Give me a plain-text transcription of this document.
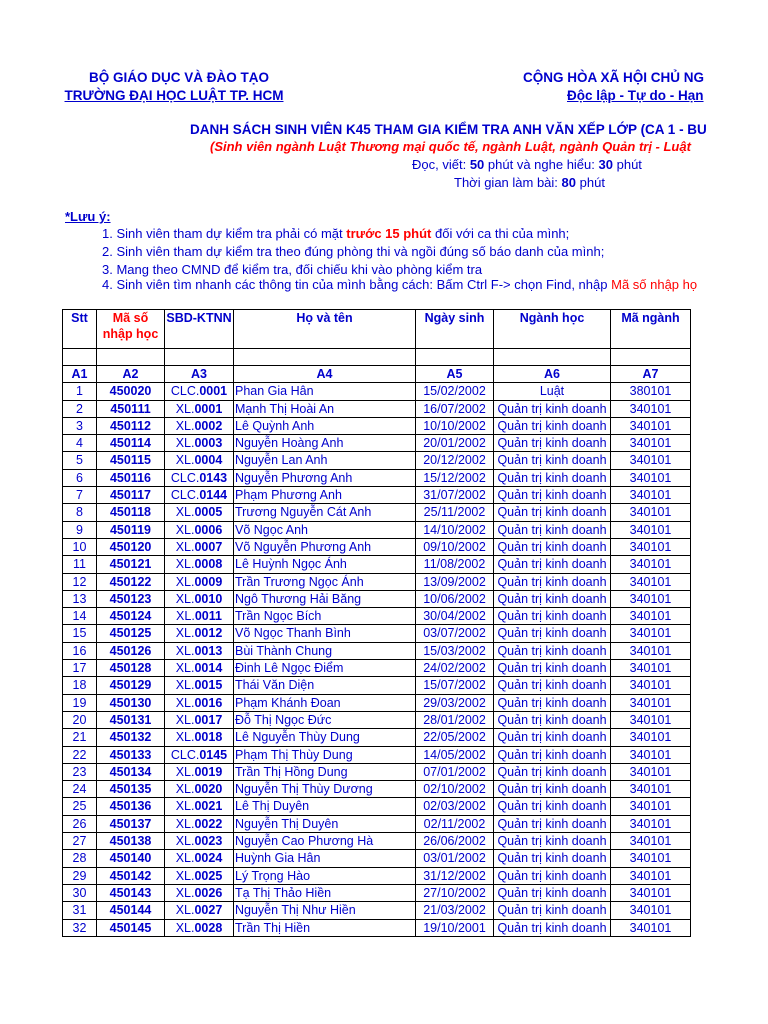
BỘ GIÁO DỤC VÀ ĐÀO TẠO
TRƯỜNG ĐẠI HỌC LUẬT TP. HCM
CỘNG HÒA XÃ HỘI CHỦ NG
Độc lập - Tự do - Hạn
DANH SÁCH SINH VIÊN K45 THAM GIA KIỂM TRA ANH VĂN XẾP LỚP (CA 1 - BU
(Sinh viên ngành Luật Thương mại quốc tế, ngành Luật, ngành Quản trị - Luật
Đọc, viết: 50 phút và nghe hiểu: 30 phút
Thời gian làm bài: 80 phút
*Lưu ý:
1. Sinh viên tham dự kiểm tra phải có mặt trước 15 phút đối với ca thi của mình;
2. Sinh viên tham dự kiểm tra theo đúng phòng thi và ngồi đúng số báo danh của mình;
3. Mang theo CMND để kiểm tra, đối chiếu khi vào phòng kiểm tra
4. Sinh viên tìm nhanh các thông tin của mình bằng cách: Bấm Ctrl F-> chọn Find, nhập Mã số nhập họ
Stt	Mã số nhập học	SBD-KTNN	Họ và tên	Ngày sinh	Ngành học	Mã ngành

A1	A2	A3	A4	A5	A6	A7
1	450020	CLC.0001	Phan Gia Hân	15/02/2002	Luật	380101
2	450111	XL.0001	Mạnh Thị Hoài An	16/07/2002	Quản trị kinh doanh	340101
3	450112	XL.0002	Lê Quỳnh Anh	10/10/2002	Quản trị kinh doanh	340101
4	450114	XL.0003	Nguyễn Hoàng Anh	20/01/2002	Quản trị kinh doanh	340101
5	450115	XL.0004	Nguyễn Lan Anh	20/12/2002	Quản trị kinh doanh	340101
6	450116	CLC.0143	Nguyễn Phương Anh	15/12/2002	Quản trị kinh doanh	340101
7	450117	CLC.0144	Phạm Phương Anh	31/07/2002	Quản trị kinh doanh	340101
8	450118	XL.0005	Trương Nguyễn Cát Anh	25/11/2002	Quản trị kinh doanh	340101
9	450119	XL.0006	Võ Ngọc Anh	14/10/2002	Quản trị kinh doanh	340101
10	450120	XL.0007	Võ Nguyễn Phương Anh	09/10/2002	Quản trị kinh doanh	340101
11	450121	XL.0008	Lê Huỳnh Ngọc Ánh	11/08/2002	Quản trị kinh doanh	340101
12	450122	XL.0009	Trần Trương Ngọc Ánh	13/09/2002	Quản trị kinh doanh	340101
13	450123	XL.0010	Ngô Thương Hải Băng	10/06/2002	Quản trị kinh doanh	340101
14	450124	XL.0011	Trần Ngọc Bích	30/04/2002	Quản trị kinh doanh	340101
15	450125	XL.0012	Võ Ngọc Thanh Bình	03/07/2002	Quản trị kinh doanh	340101
16	450126	XL.0013	Bùi Thành Chung	15/03/2002	Quản trị kinh doanh	340101
17	450128	XL.0014	Đinh Lê Ngọc Điểm	24/02/2002	Quản trị kinh doanh	340101
18	450129	XL.0015	Thái Văn Diện	15/07/2002	Quản trị kinh doanh	340101
19	450130	XL.0016	Phạm Khánh Đoan	29/03/2002	Quản trị kinh doanh	340101
20	450131	XL.0017	Đỗ Thị Ngọc Đức	28/01/2002	Quản trị kinh doanh	340101
21	450132	XL.0018	Lê Nguyễn Thùy Dung	22/05/2002	Quản trị kinh doanh	340101
22	450133	CLC.0145	Phạm Thị Thùy Dung	14/05/2002	Quản trị kinh doanh	340101
23	450134	XL.0019	Trần Thị Hồng Dung	07/01/2002	Quản trị kinh doanh	340101
24	450135	XL.0020	Nguyễn Thị Thùy Dương	02/10/2002	Quản trị kinh doanh	340101
25	450136	XL.0021	Lê Thị Duyên	02/03/2002	Quản trị kinh doanh	340101
26	450137	XL.0022	Nguyễn Thị Duyên	02/11/2002	Quản trị kinh doanh	340101
27	450138	XL.0023	Nguyễn Cao Phương Hà	26/06/2002	Quản trị kinh doanh	340101
28	450140	XL.0024	Huỳnh Gia Hân	03/01/2002	Quản trị kinh doanh	340101
29	450142	XL.0025	Lý Trọng Hào	31/12/2002	Quản trị kinh doanh	340101
30	450143	XL.0026	Tạ Thị Thảo Hiền	27/10/2002	Quản trị kinh doanh	340101
31	450144	XL.0027	Nguyễn Thị Như Hiền	21/03/2002	Quản trị kinh doanh	340101
32	450145	XL.0028	Trần Thị Hiền	19/10/2001	Quản trị kinh doanh	340101
